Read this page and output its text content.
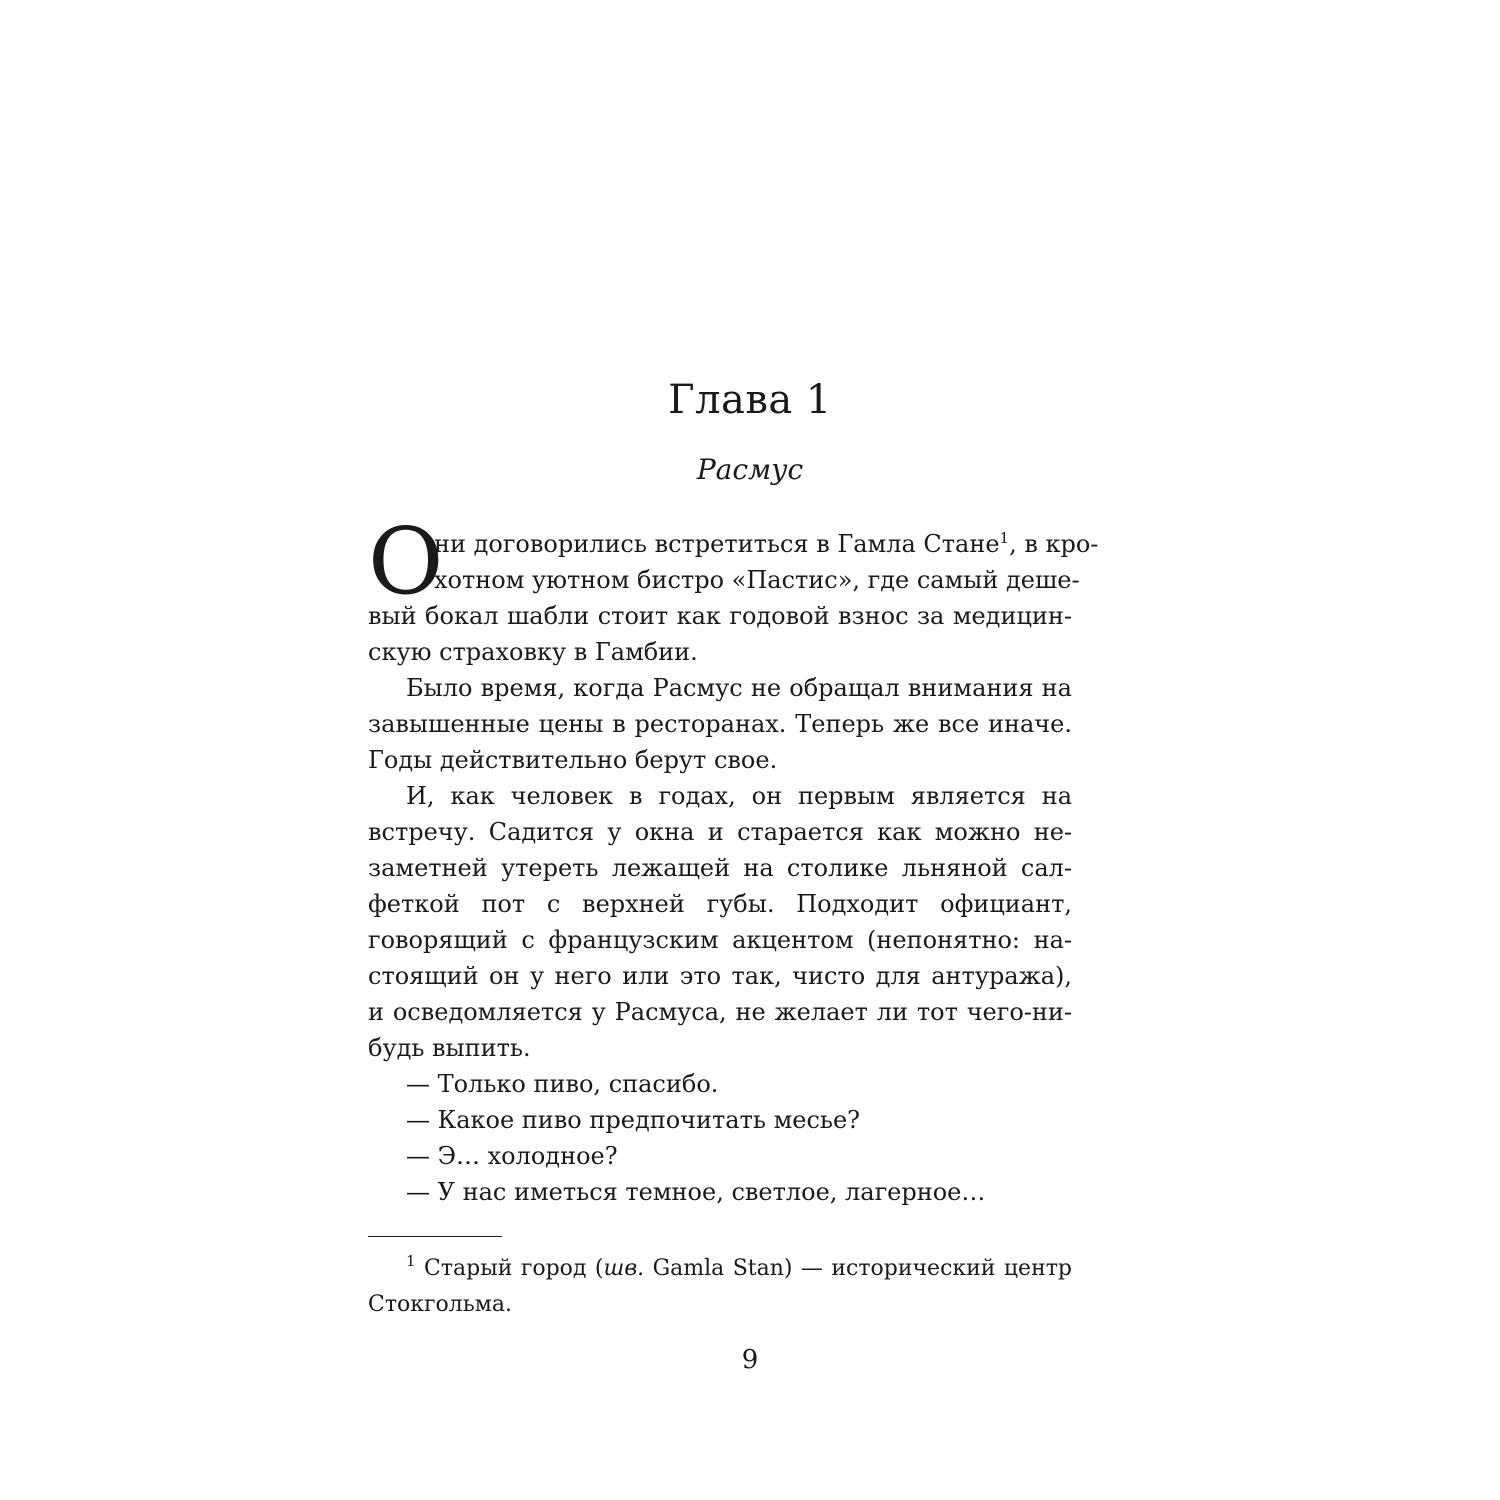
Глава 1
Расмус
О
ни договорились встретиться в Гамла Стане$^1$, в кро-
хотном уютном бистро «Пастис», где самый деше-
вый бокал шабли стоит как годовой взнос за медицин-
скую страховку в Гамбии.
Было время, когда Расмус не обращал внимания на
завышенные цены в ресторанах. Теперь же все иначе.
Годы действительно берут свое.
И, как человек в годах, он первым является на
встречу. Садится у окна и старается как можно не-
заметней утереть лежащей на столике льняной сал-
феткой пот с верхней губы. Подходит официант,
говорящий с французским акцентом (непонятно: на-
стоящий он у него или это так, чисто для антуража),
и осведомляется у Расмуса, не желает ли тот чего-ни-
будь выпить.
— Только пиво, спасибо.
— Какое пиво предпочитать месье?
— Э… холодное?
— У нас иметься темное, светлое, лагерное…
$^1$ Старый город (шв. Gamla Stan) — исторический центр
Стокгольма.
9
